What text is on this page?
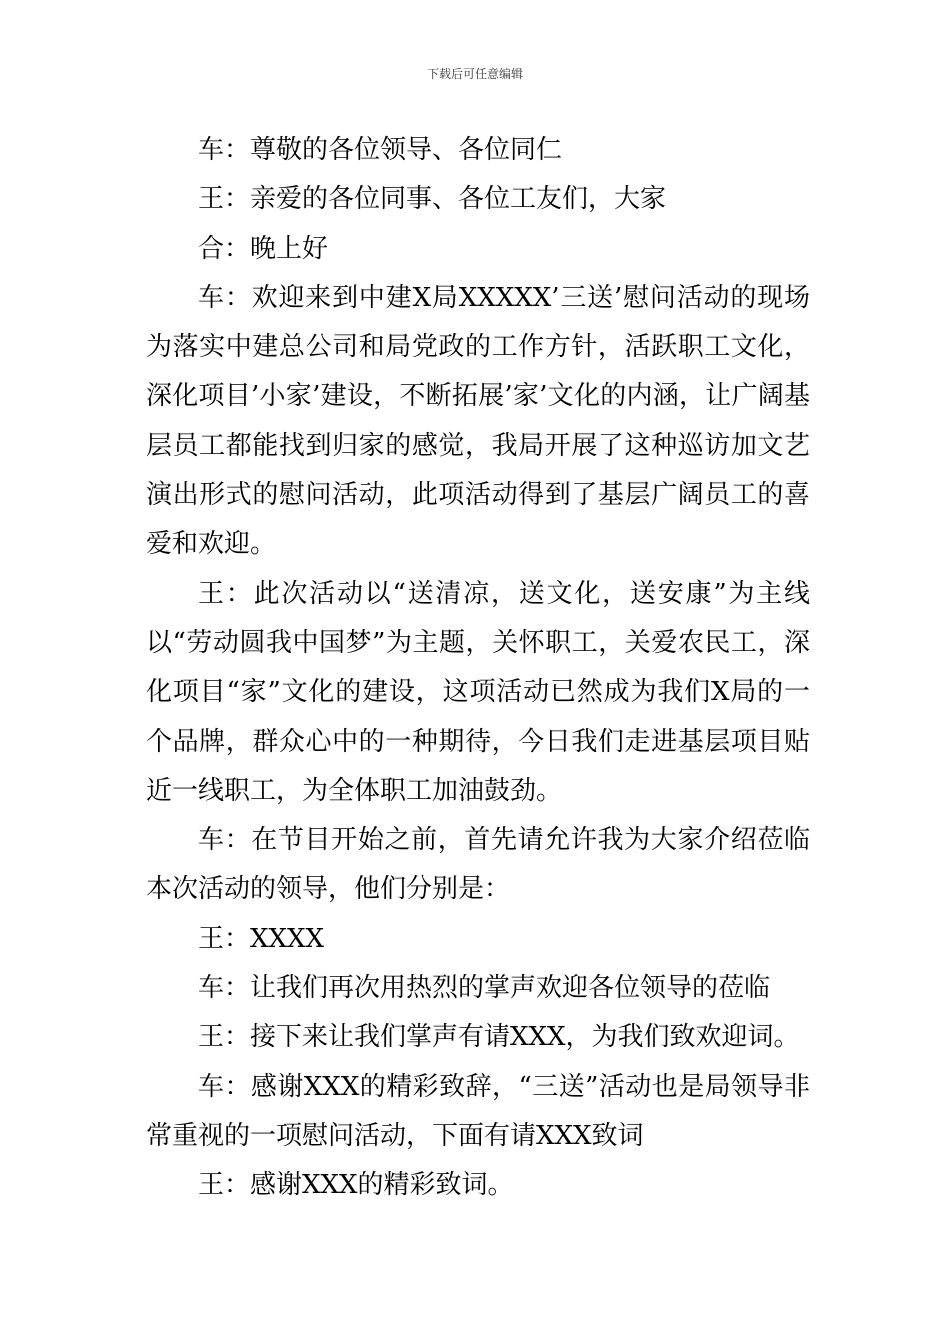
下载后可任意编辑

车：尊敬的各位领导、各位同仁

王：亲爱的各位同事、各位工友们，大家

合：晚上好

车：欢迎来到中建X局XXXXX’三送’慰问活动的现场为落实中建总公司和局党政的工作方针，活跃职工文化，深化项目’小家’建设，不断拓展’家’文化的内涵，让广阔基层员工都能找到归家的感觉，我局开展了这种巡访加文艺演出形式的慰问活动，此项活动得到了基层广阔员工的喜爱和欢迎。

王：此次活动以“送清凉，送文化，送安康”为主线以“劳动圆我中国梦”为主题，关怀职工，关爱农民工，深化项目“家”文化的建设，这项活动已然成为我们X局的一个品牌，群众心中的一种期待，今日我们走进基层项目贴近一线职工，为全体职工加油鼓劲。

车：在节目开始之前，首先请允许我为大家介绍莅临本次活动的领导，他们分别是：

王：XXXX

车：让我们再次用热烈的掌声欢迎各位领导的莅临

王：接下来让我们掌声有请XXX，为我们致欢迎词。

车：感谢XXX的精彩致辞，“三送”活动也是局领导非常重视的一项慰问活动，下面有请XXX致词

王：感谢XXX的精彩致词。
